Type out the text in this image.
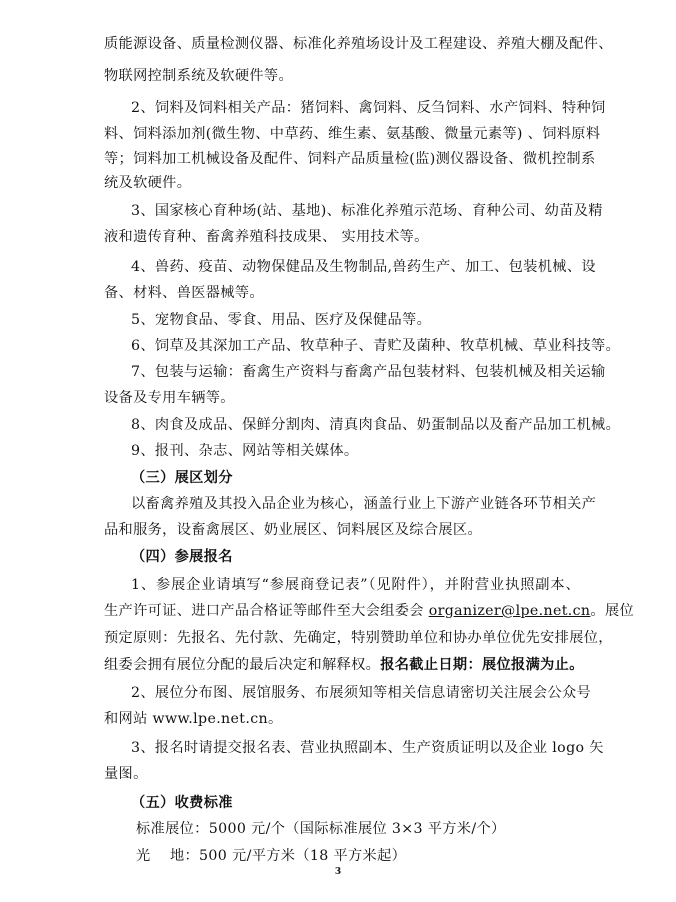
质能源设备、质量检测仪器、标准化养殖场设计及工程建设、养殖大棚及配件、
物联网控制系统及软硬件等。
2、饲料及饲料相关产品：猪饲料、禽饲料、反刍饲料、水产饲料、特种饲
料、饲料添加剂(微生物、中草药、维生素、氨基酸、微量元素等) 、饲料原料
等；饲料加工机械设备及配件、饲料产品质量检(监)测仪器设备、微机控制系
统及软硬件。
3、国家核心育种场(站、基地)、标准化养殖示范场、育种公司、幼苗及精
液和遗传育种、畜禽养殖科技成果、 实用技术等。
4、兽药、疫苗、动物保健品及生物制品,兽药生产、加工、包装机械、设
备、材料、兽医器械等。
5、宠物食品、零食、用品、医疗及保健品等。
6、饲草及其深加工产品、牧草种子、青贮及菌种、牧草机械、草业科技等。
7、包装与运输：畜禽生产资料与畜禽产品包装材料、包装机械及相关运输
设备及专用车辆等。
8、肉食及成品、保鲜分割肉、清真肉食品、奶蛋制品以及畜产品加工机械。
9、报刊、杂志、网站等相关媒体。
（三）展区划分
以畜禽养殖及其投入品企业为核心，涵盖行业上下游产业链各环节相关产
品和服务，设畜禽展区、奶业展区、饲料展区及综合展区。
（四）参展报名
1、参展企业请填写“参展商登记表”（见附件），并附营业执照副本、
生产许可证、进口产品合格证等邮件至大会组委会 organizer@lpe.net.cn。展位
预定原则：先报名、先付款、先确定，特别赞助单位和协办单位优先安排展位，
组委会拥有展位分配的最后决定和解释权。报名截止日期：展位报满为止。
2、展位分布图、展馆服务、布展须知等相关信息请密切关注展会公众号
和网站 www.lpe.net.cn。
3、报名时请提交报名表、营业执照副本、生产资质证明以及企业 logo 矢
量图。
（五）收费标准
标准展位：5000 元/个（国际标准展位 3×3 平方米/个）
光    地：500 元/平方米（18 平方米起）
3
